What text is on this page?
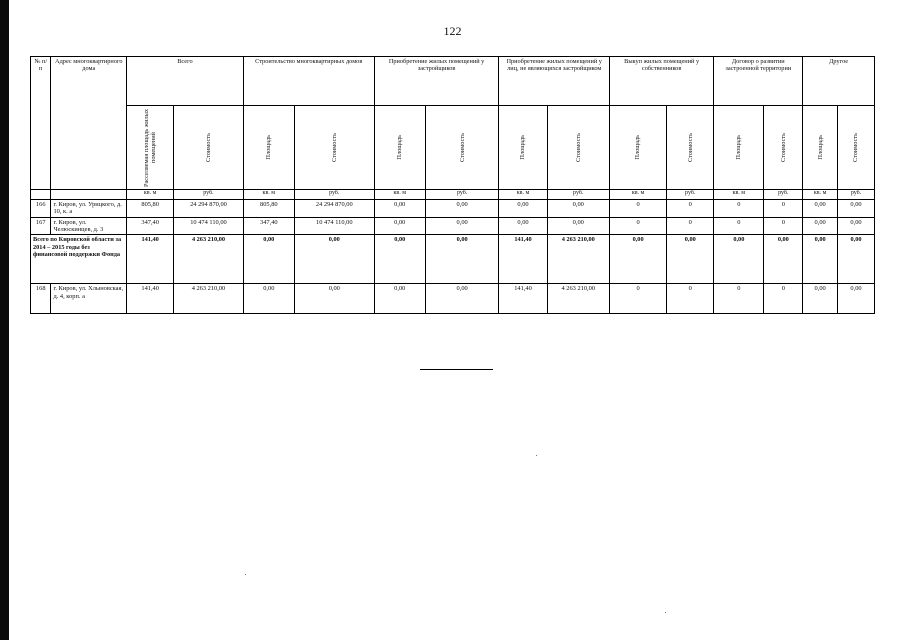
122
№ п/п	Адрес многоквартирного дома	Всего		Строительство многоквартирных домов		Приобретение жилых помещений у застройщиков		Приобретение жилых помещений у лиц, не являющихся застройщиком		Выкуп жилых помещений у собственников		Договор о развитии застроенной территории		Другое	

		Расселяемая площадь жилых помещений	Стоимость	Площадь	Стоимость	Площадь	Стоимость	Площадь	Стоимость	Площадь	Стоимость	Площадь	Стоимость	Площадь	Стоимость

		кв. м	руб.	кв. м	руб.	кв. м	руб.	кв. м	руб.	кв. м	руб.	кв. м	руб.	кв. м	руб.
166	г. Киров, ул. Урицкого, д. 10, к. а	805,80	24 294 870,00	805,80	24 294 870,00	0,00	0,00	0,00	0,00	0	0	0	0	0,00	0,00
167	г. Киров, ул. Челюскинцев, д. 3	347,40	10 474 110,00	347,40	10 474 110,00	0,00	0,00	0,00	0,00	0	0	0	0	0,00	0,00
Всего по Кировской области за 2014 – 2015 годы без финансовой поддержки Фонда		141,40	4 263 210,00	0,00	0,00	0,00	0,00	141,40	4 263 210,00	0,00	0,00	0,00	0,00	0,00	0,00
168	г. Киров, ул. Хлыновская, д. 4, корп. а	141,40	4 263 210,00	0,00	0,00	0,00	0,00	141,40	4 263 210,00	0	0	0	0	0,00	0,00
